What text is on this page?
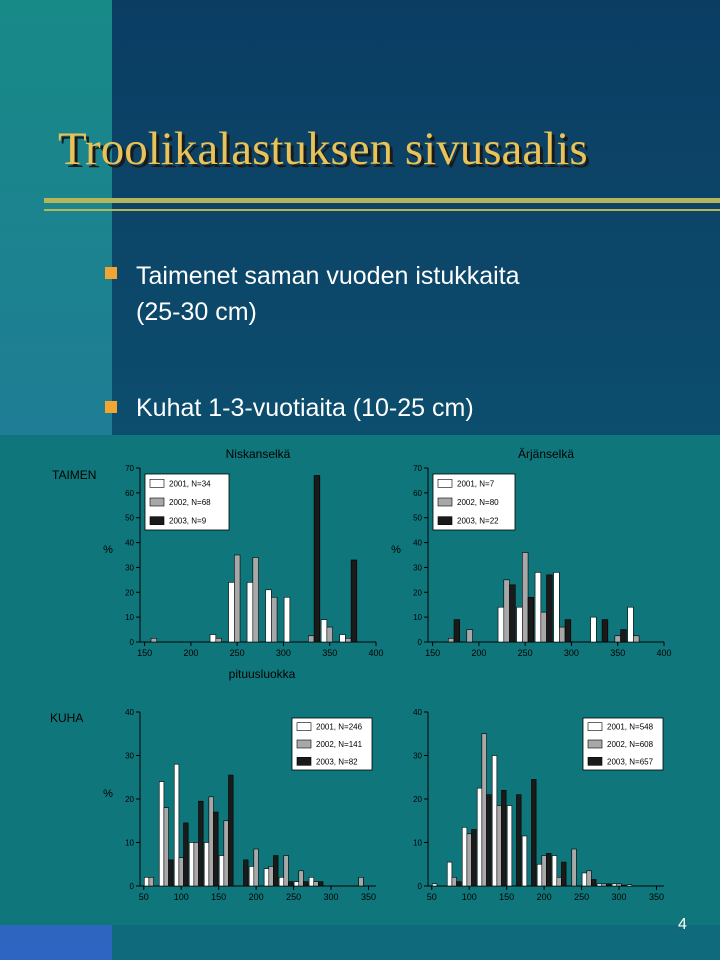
Troolikalastuksen sivusaalis
Taimenet saman vuoden istukkaita
(25-30 cm)
Kuhat 1-3-vuotiaita (10-25 cm)
0
10
20
30
40
50
60
70
150	200	250	300	350	400
Niskanselkä
%
pituusluokka
2001, N=34
2002, N=68
2003, N=9
0
10
20
30
40
50
60
70
150	200	250	300	350	400
Ärjänselkä
%
2001, N=7
2002, N=80
2003, N=22
0
10
20
30
40
50	100 150 200 250 300 350
%
2001, N=246
2002, N=141
2003, N=82
0
10
20
30
40
50	100 150 200 250 300 350
2001, N=548
2002, N=608
2003, N=657
TAIMEN
KUHA
4
